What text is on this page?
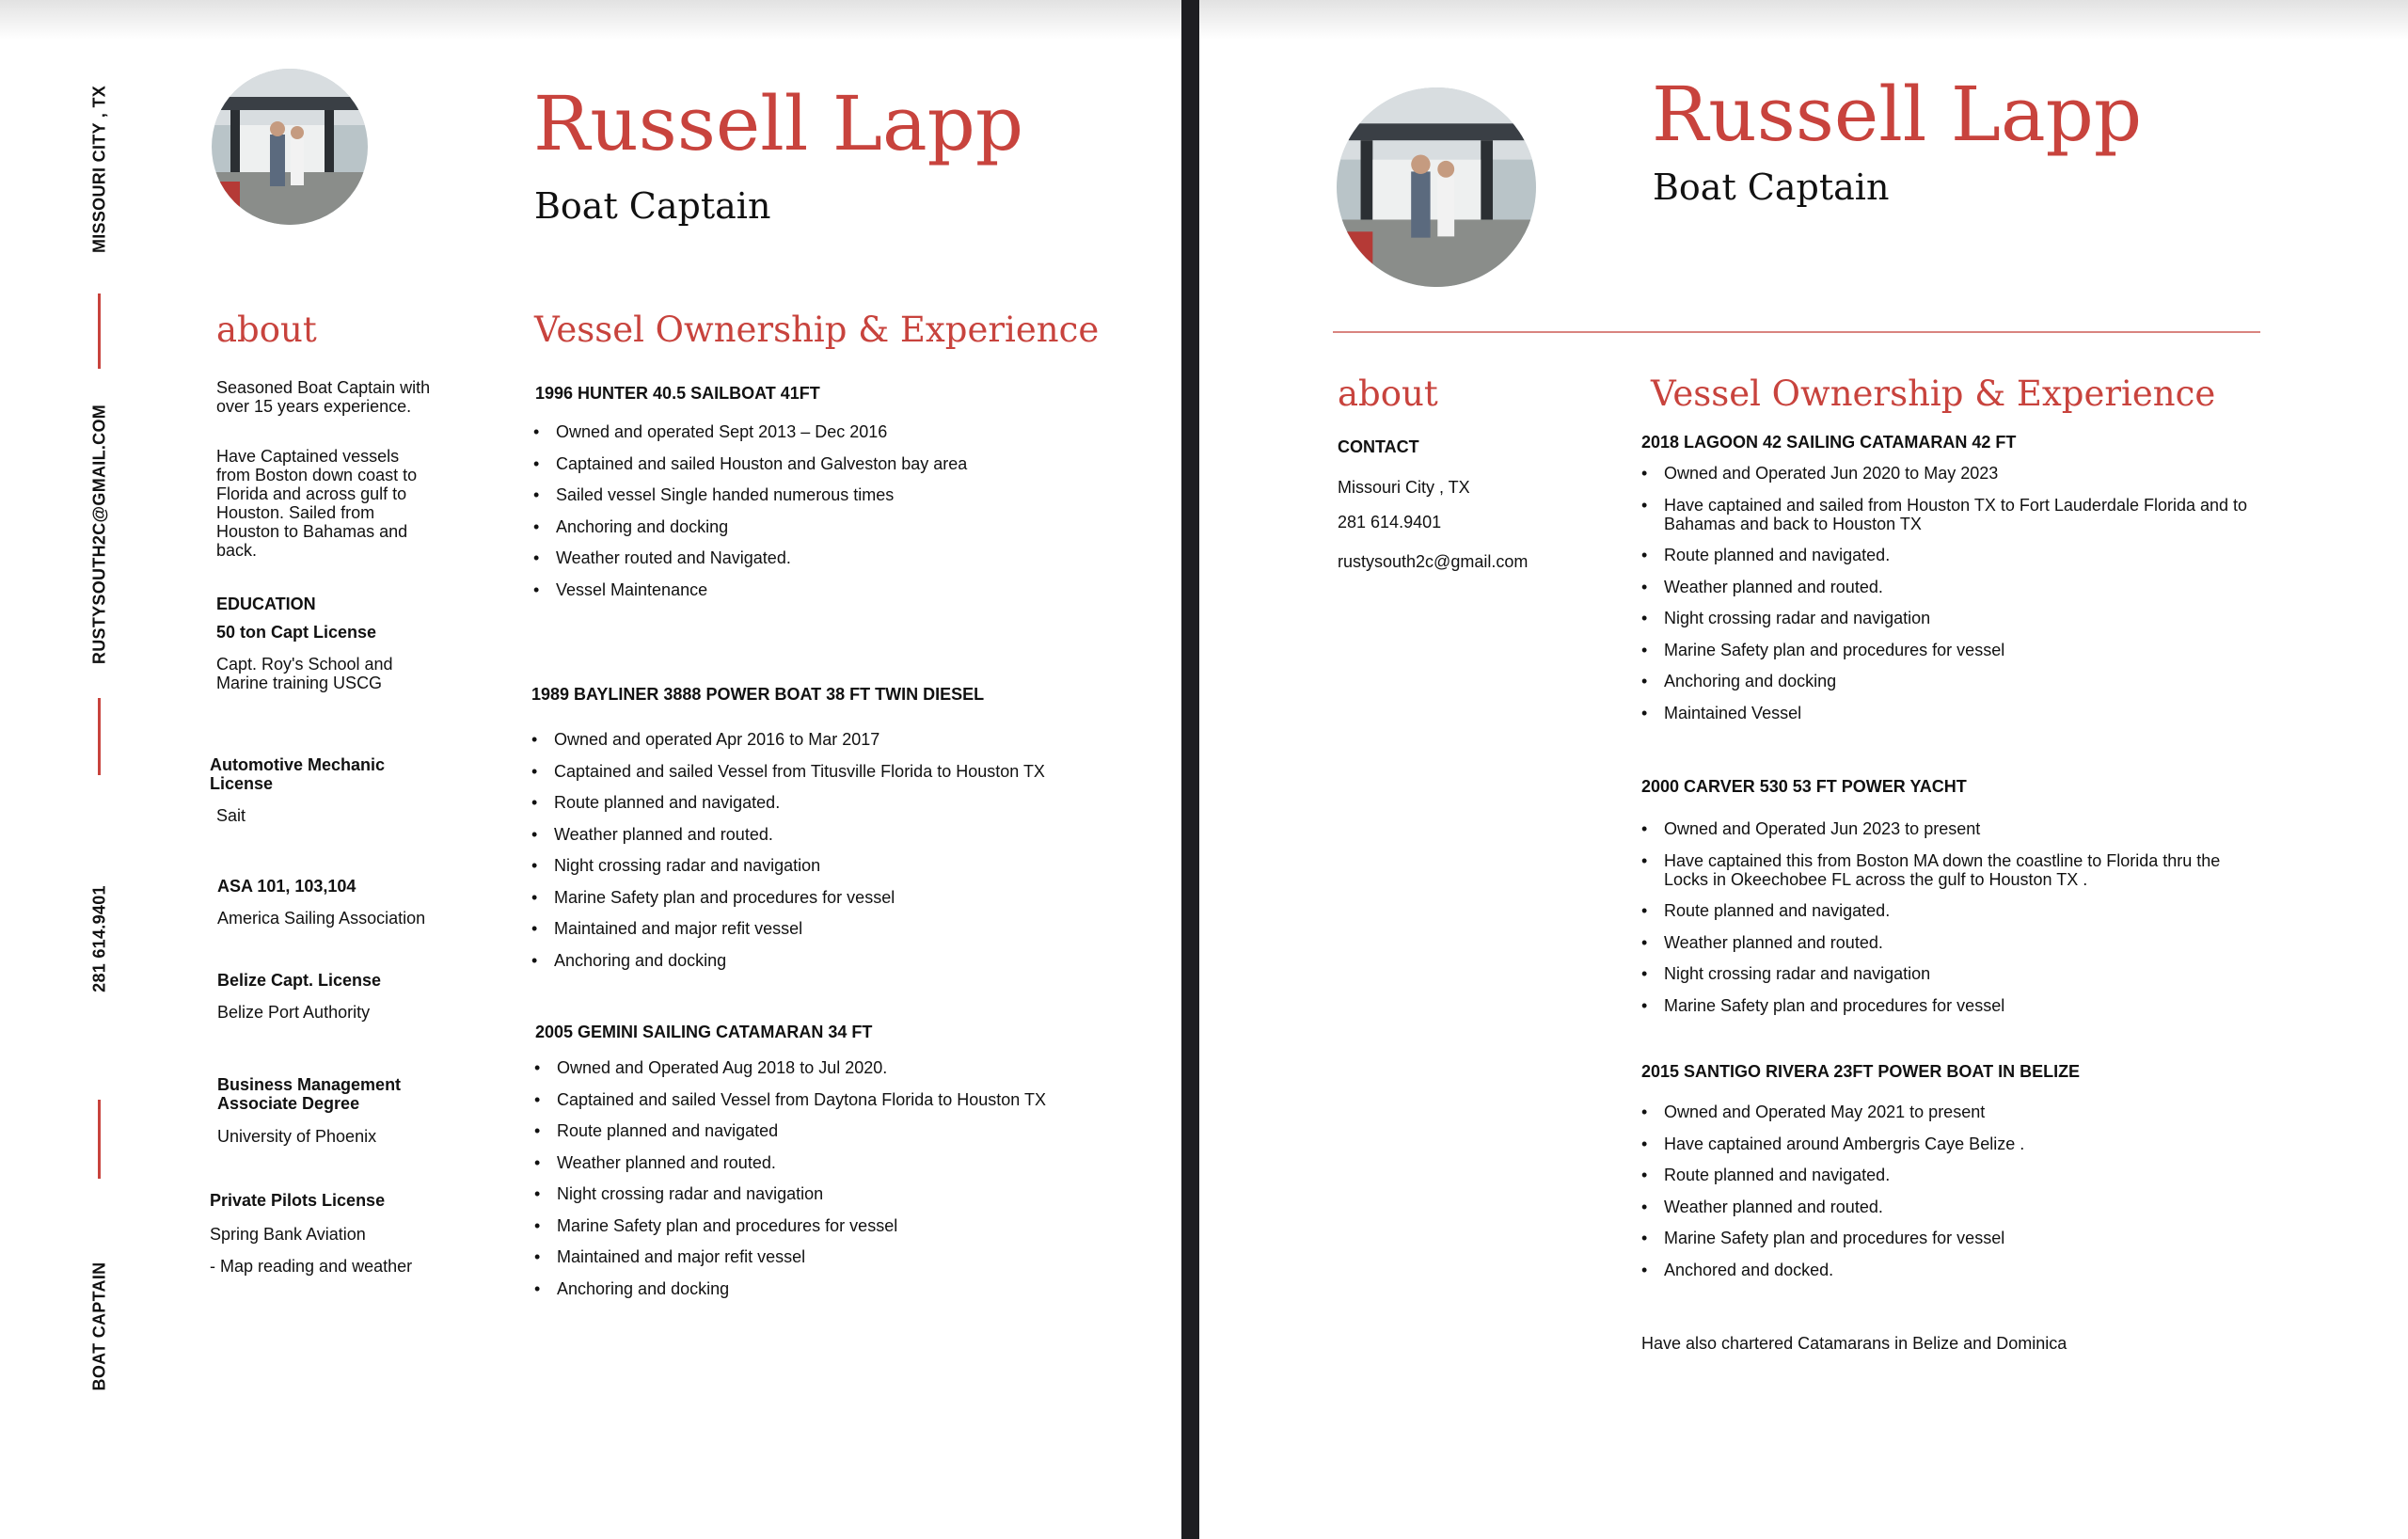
MISSOURI CITY , TX
RUSTYSOUTH2C@GMAIL.COM
281 614.9401
BOAT CAPTAIN
Russell Lapp
Boat Captain
about
Seasoned Boat Captain with over 15 years experience.
Have Captained vessels from Boston down coast to Florida and across gulf to Houston. Sailed from Houston to Bahamas and back.
EDUCATION
50 ton Capt License
Capt. Roy's School and Marine training USCG
Automotive Mechanic License
Sait
ASA 101, 103,104
America Sailing Association
Belize Capt. License
Belize Port Authority
Business Management Associate Degree
University of Phoenix
Private Pilots License
Spring Bank Aviation
- Map reading and weather
Vessel Ownership & Experience
1996 HUNTER 40.5 SAILBOAT 41FT
• Owned and operated Sept 2013 – Dec 2016
• Captained and sailed Houston and Galveston bay area
• Sailed vessel Single handed numerous times
• Anchoring and docking
• Weather routed and Navigated.
• Vessel Maintenance
1989 BAYLINER 3888 POWER BOAT 38 FT TWIN DIESEL
• Owned and operated Apr 2016 to Mar 2017
• Captained and sailed Vessel from Titusville Florida to Houston TX
• Route planned and navigated.
• Weather planned and routed.
• Night crossing radar and navigation
• Marine Safety plan and procedures for vessel
• Maintained and major refit vessel
• Anchoring and docking
2005 GEMINI SAILING CATAMARAN 34 FT
• Owned and Operated Aug 2018 to Jul 2020.
• Captained and sailed Vessel from Daytona Florida to Houston TX
• Route planned and navigated
• Weather planned and routed.
• Night crossing radar and navigation
• Marine Safety plan and procedures for vessel
• Maintained and major refit vessel
• Anchoring and docking
Russell Lapp
Boat Captain
about
CONTACT
Missouri City , TX
281 614.9401
rustysouth2c@gmail.com
Vessel Ownership & Experience
2018 LAGOON 42 SAILING CATAMARAN 42 FT
• Owned and Operated Jun 2020 to May 2023
• Have captained and sailed from Houston TX to Fort Lauderdale Florida and to Bahamas and back to Houston TX
• Route planned and navigated.
• Weather planned and routed.
• Night crossing radar and navigation
• Marine Safety plan and procedures for vessel
• Anchoring and docking
• Maintained Vessel
2000 CARVER 530 53 FT POWER YACHT
• Owned and Operated Jun 2023 to present
• Have captained this from Boston MA down the coastline to Florida thru the Locks in Okeechobee FL across the gulf to Houston TX .
• Route planned and navigated.
• Weather planned and routed.
• Night crossing radar and navigation
• Marine Safety plan and procedures for vessel
2015 SANTIGO RIVERA 23FT POWER BOAT IN BELIZE
• Owned and Operated May 2021 to present
• Have captained around Ambergris Caye Belize .
• Route planned and navigated.
• Weather planned and routed.
• Marine Safety plan and procedures for vessel
• Anchored and docked.
Have also chartered Catamarans in Belize and Dominica
